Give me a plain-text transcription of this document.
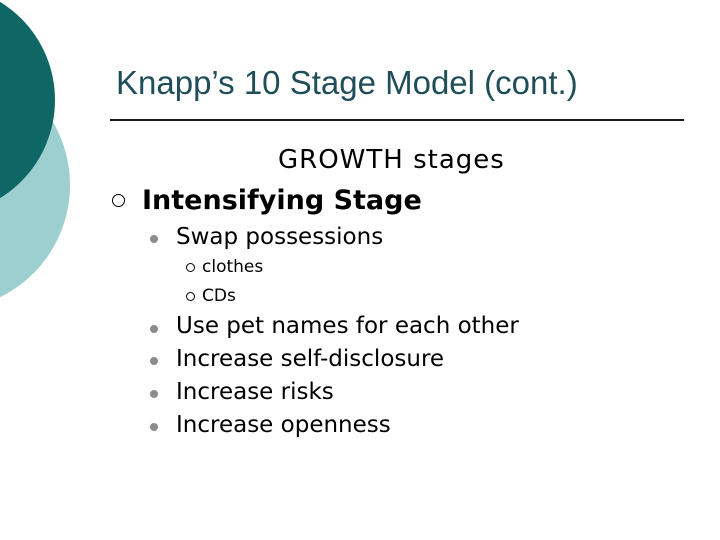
Knapp’s 10 Stage Model (cont.)
GROWTH stages
Intensifying Stage
Swap possessions
clothes
CDs
Use pet names for each other
Increase self-disclosure
Increase risks
Increase openness
